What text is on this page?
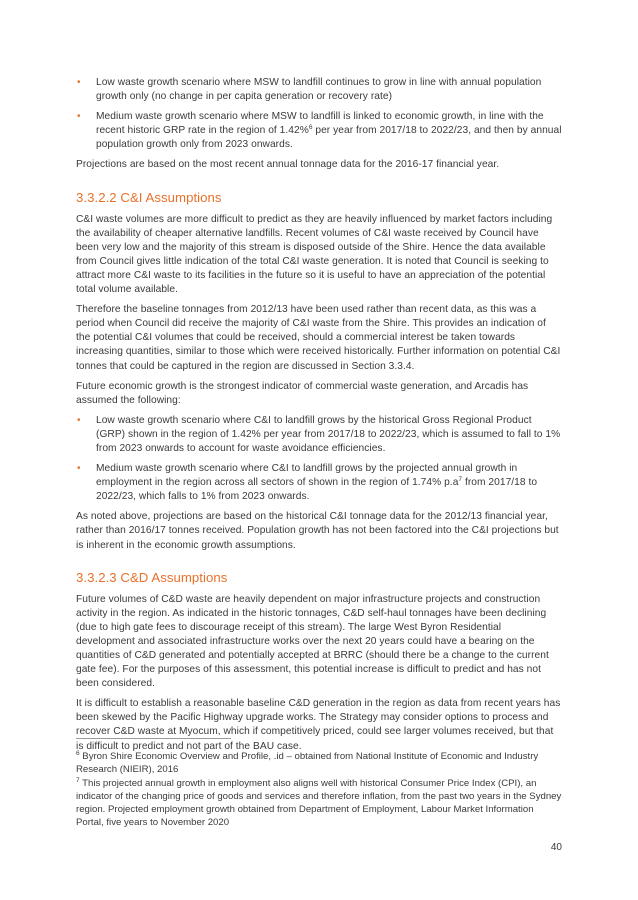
• Low waste growth scenario where MSW to landfill continues to grow in line with annual population growth only (no change in per capita generation or recovery rate)
• Medium waste growth scenario where MSW to landfill is linked to economic growth, in line with the recent historic GRP rate in the region of 1.42%$^6$ per year from 2017/18 to 2022/23, and then by annual population growth only from 2023 onwards.

Projections are based on the most recent annual tonnage data for the 2016-17 financial year.

3.3.2.2 C&I Assumptions

C&I waste volumes are more difficult to predict as they are heavily influenced by market factors including the availability of cheaper alternative landfills. Recent volumes of C&I waste received by Council have been very low and the majority of this stream is disposed outside of the Shire. Hence the data available from Council gives little indication of the total C&I waste generation. It is noted that Council is seeking to attract more C&I waste to its facilities in the future so it is useful to have an appreciation of the potential total volume available.

Therefore the baseline tonnages from 2012/13 have been used rather than recent data, as this was a period when Council did receive the majority of C&I waste from the Shire. This provides an indication of the potential C&I volumes that could be received, should a commercial interest be taken towards increasing quantities, similar to those which were received historically. Further information on potential C&I tonnes that could be captured in the region are discussed in Section 3.3.4.

Future economic growth is the strongest indicator of commercial waste generation, and Arcadis has assumed the following:

• Low waste growth scenario where C&I to landfill grows by the historical Gross Regional Product (GRP) shown in the region of 1.42% per year from 2017/18 to 2022/23, which is assumed to fall to 1% from 2023 onwards to account for waste avoidance efficiencies.
• Medium waste growth scenario where C&I to landfill grows by the projected annual growth in employment in the region across all sectors of shown in the region of 1.74% $p.a^7$ from 2017/18 to 2022/23, which falls to 1% from 2023 onwards.

As noted above, projections are based on the historical C&I tonnage data for the 2012/13 financial year, rather than 2016/17 tonnes received. Population growth has not been factored into the C&I projections but is inherent in the economic growth assumptions.

3.3.2.3 C&D Assumptions

Future volumes of C&D waste are heavily dependent on major infrastructure projects and construction activity in the region. As indicated in the historic tonnages, C&D self-haul tonnages have been declining (due to high gate fees to discourage receipt of this stream). The large West Byron Residential development and associated infrastructure works over the next 20 years could have a bearing on the quantities of C&D generated and potentially accepted at BRRC (should there be a change to the current gate fee). For the purposes of this assessment, this potential increase is difficult to predict and has not been considered.

It is difficult to establish a reasonable baseline C&D generation in the region as data from recent years has been skewed by the Pacific Highway upgrade works. The Strategy may consider options to process and recover C&D waste at Myocum, which if competitively priced, could see larger volumes received, but that is difficult to predict and not part of the BAU case.

$^6$ Byron Shire Economic Overview and Profile, .id – obtained from National Institute of Economic and Industry Research (NIEIR), 2016

$^7$ This projected annual growth in employment also aligns well with historical Consumer Price Index (CPI), an indicator of the changing price of goods and services and therefore inflation, from the past two years in the Sydney region. Projected employment growth obtained from Department of Employment, Labour Market Information Portal, five years to November 2020

40
